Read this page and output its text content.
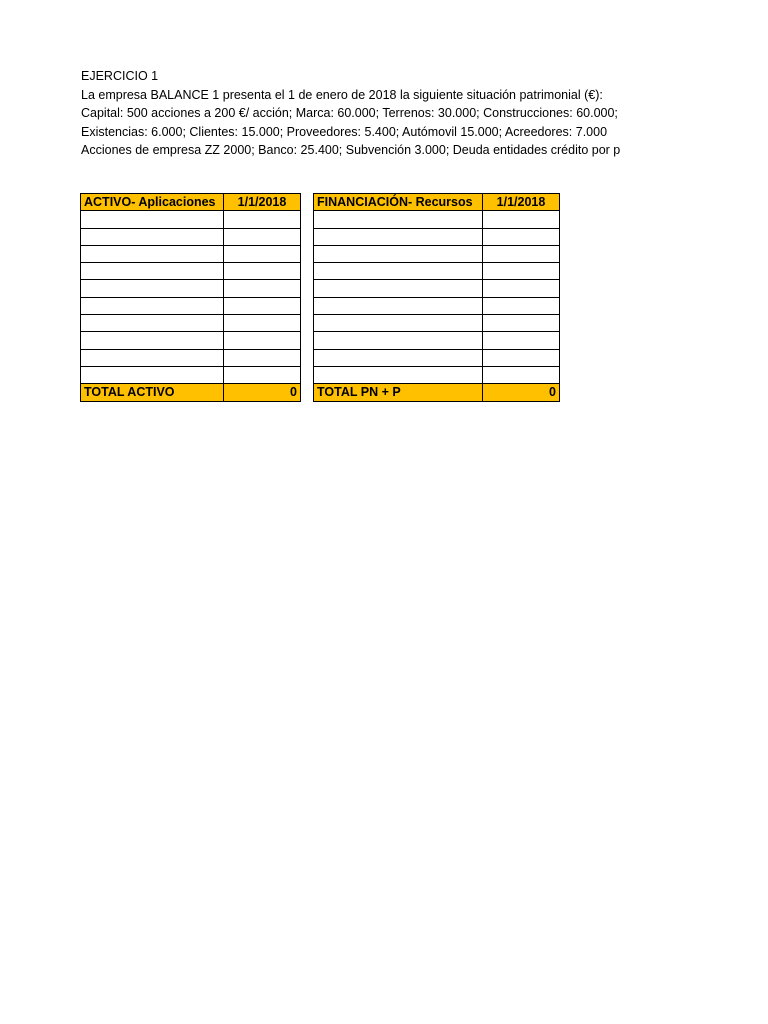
EJERCICIO 1
La empresa BALANCE 1 presenta el 1 de enero de 2018 la siguiente situación patrimonial (€):
Capital: 500 acciones a 200 €/ acción; Marca: 60.000; Terrenos: 30.000; Construcciones: 60.000;
Existencias: 6.000; Clientes: 15.000; Proveedores: 5.400; Autómovil 15.000; Acreedores: 7.000
Acciones de empresa ZZ 2000; Banco: 25.400; Subvención 3.000; Deuda entidades crédito por p
ACTIVO- Aplicaciones	1/1/2018

TOTAL ACTIVO	0
FINANCIACIÓN- Recursos	1/1/2018

TOTAL PN + P	0
